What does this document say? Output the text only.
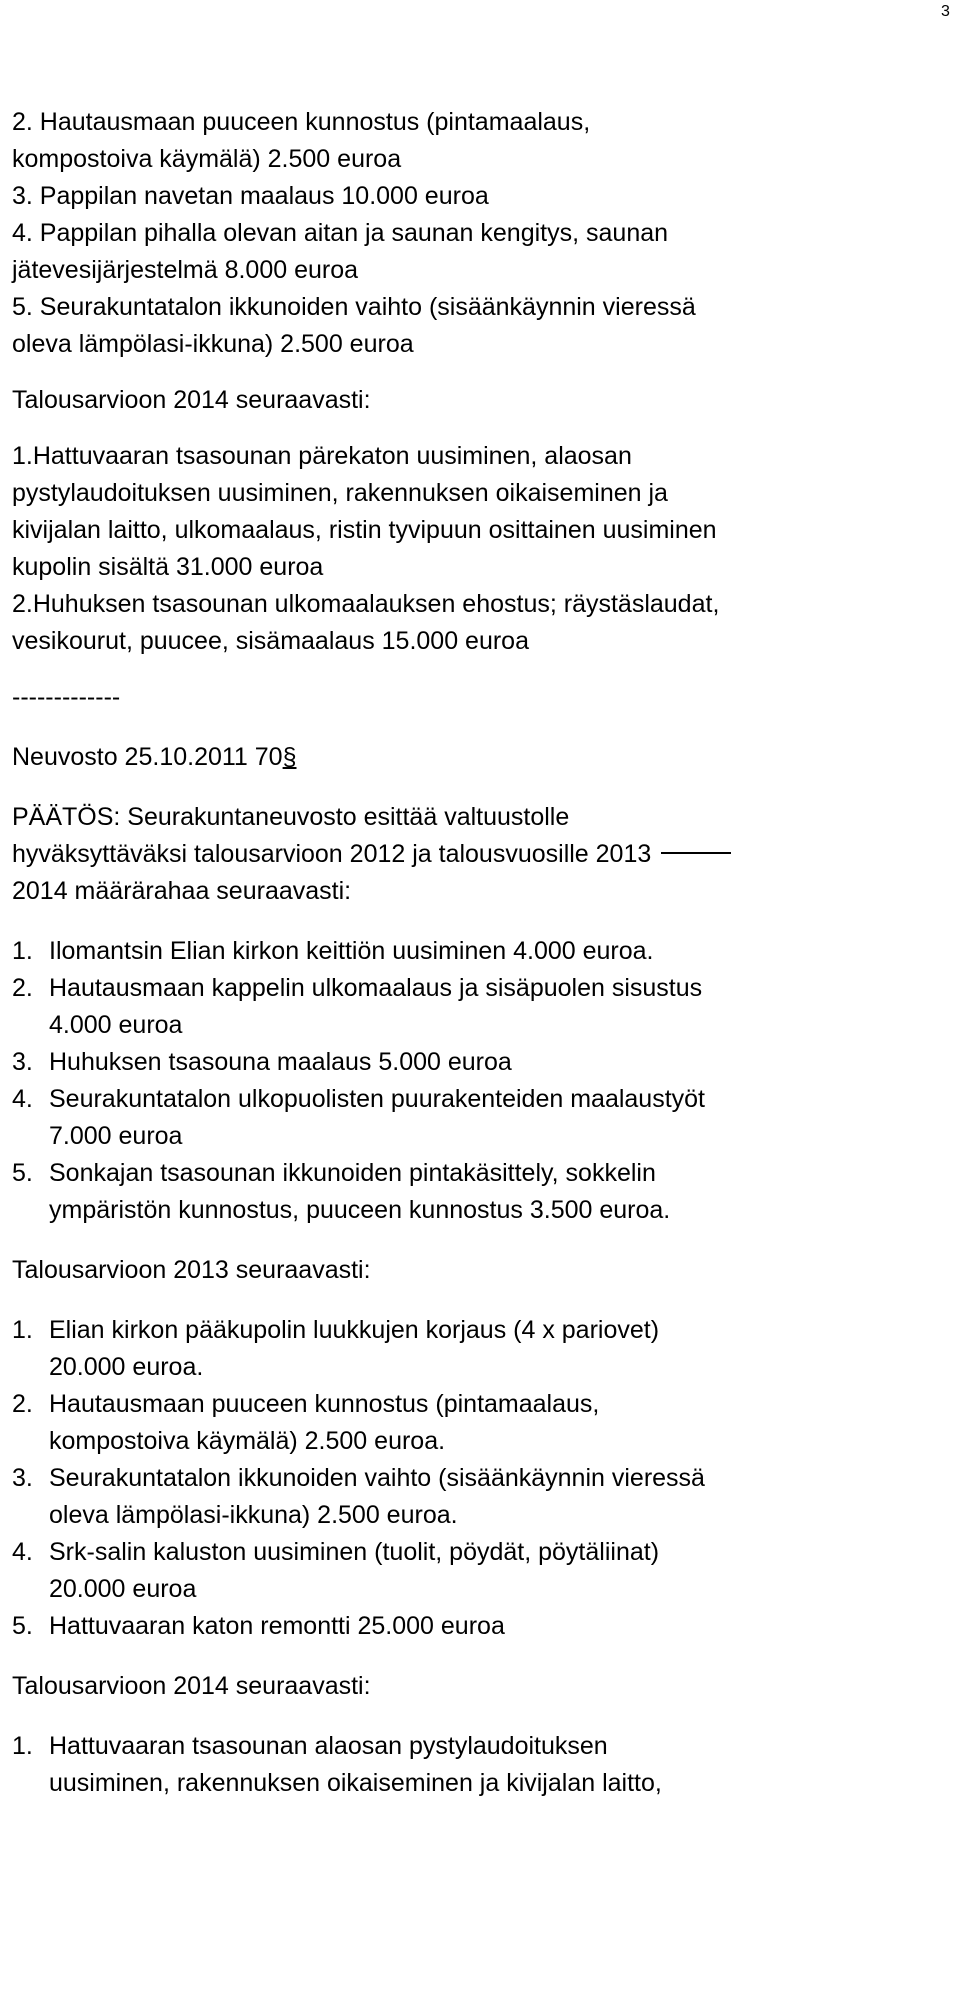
3
2. Hautausmaan puuceen kunnostus (pintamaalaus,
kompostoiva käymälä) 2.500 euroa
3. Pappilan navetan maalaus 10.000 euroa
4. Pappilan pihalla olevan aitan ja saunan kengitys, saunan
jätevesijärjestelmä 8.000 euroa
5. Seurakuntatalon ikkunoiden vaihto (sisäänkäynnin vieressä
oleva lämpölasi-ikkuna) 2.500 euroa
Talousarvioon 2014 seuraavasti:
1.Hattuvaaran tsasounan pärekaton uusiminen, alaosan
pystylaudoituksen uusiminen, rakennuksen oikaiseminen ja
kivijalan laitto, ulkomaalaus, ristin tyvipuun osittainen uusiminen
kupolin sisältä 31.000 euroa
2.Huhuksen tsasounan ulkomaalauksen ehostus; räystäslaudat,
vesikourut, puucee, sisämaalaus 15.000 euroa
-------------
Neuvosto 25.10.2011 70§
PÄÄTÖS: Seurakuntaneuvosto esittää valtuustolle
hyväksyttäväksi talousarvioon 2012 ja talousvuosille 2013
2014 määrärahaa seuraavasti:
1. Ilomantsin Elian kirkon keittiön uusiminen 4.000 euroa.
2. Hautausmaan kappelin ulkomaalaus ja sisäpuolen sisustus
4.000 euroa
3. Huhuksen tsasouna maalaus 5.000 euroa
4. Seurakuntatalon ulkopuolisten puurakenteiden maalaustyöt
7.000 euroa
5. Sonkajan tsasounan ikkunoiden pintakäsittely, sokkelin
ympäristön kunnostus, puuceen kunnostus 3.500 euroa.
Talousarvioon 2013 seuraavasti:
1. Elian kirkon pääkupolin luukkujen korjaus (4 x pariovet)
20.000 euroa.
2. Hautausmaan puuceen kunnostus (pintamaalaus,
kompostoiva käymälä) 2.500 euroa.
3. Seurakuntatalon ikkunoiden vaihto (sisäänkäynnin vieressä
oleva lämpölasi-ikkuna) 2.500 euroa.
4. Srk-salin kaluston uusiminen (tuolit, pöydät, pöytäliinat)
20.000 euroa
5. Hattuvaaran katon remontti 25.000 euroa
Talousarvioon 2014 seuraavasti:
1. Hattuvaaran tsasounan alaosan pystylaudoituksen
uusiminen, rakennuksen oikaiseminen ja kivijalan laitto,
